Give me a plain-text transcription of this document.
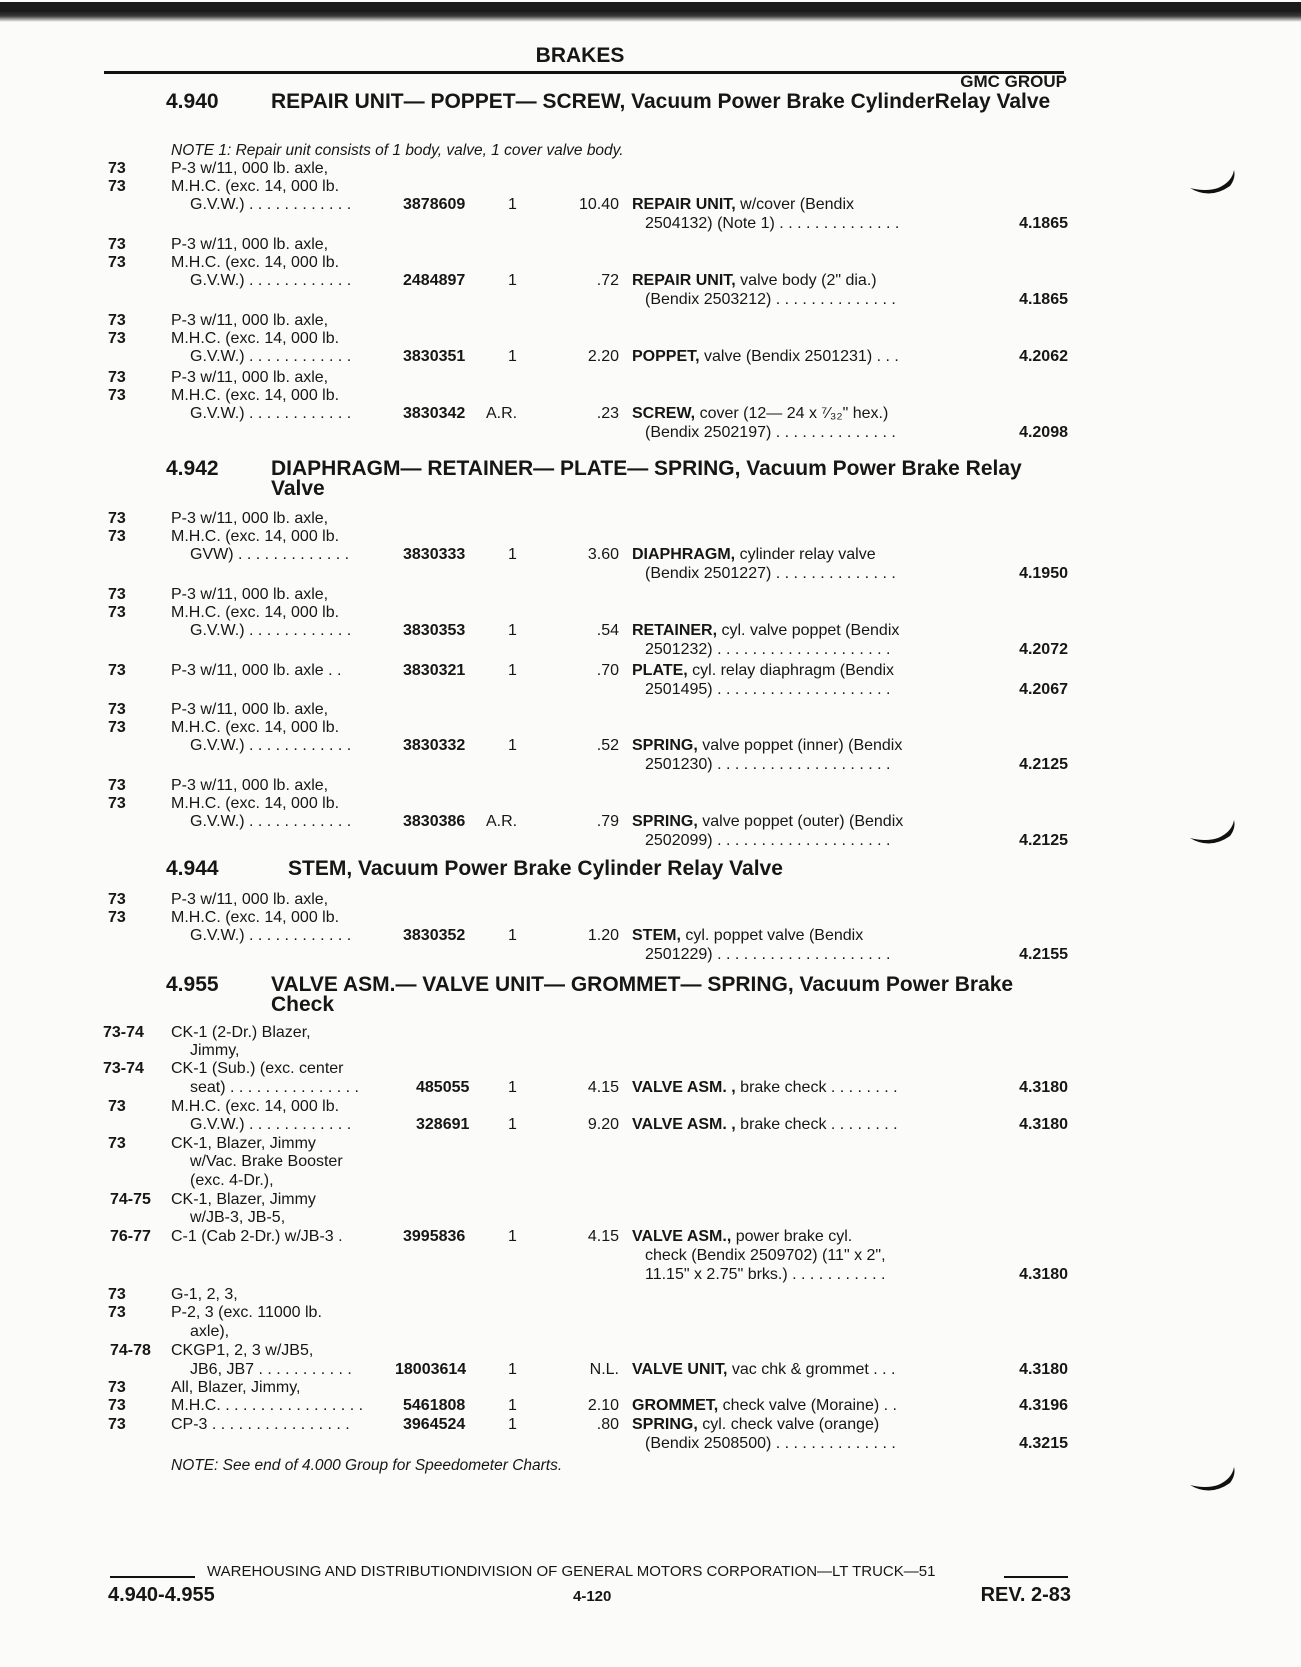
BRAKES
GMC GROUP
4.940 REPAIR UNIT— POPPET— SCREW, Vacuum Power Brake CylinderRelay Valve
NOTE 1: Repair unit consists of 1 body, valve, 1 cover valve body.
73	P-3 w/11, 000 lb. axle,
73	M.H.C. (exc. 14, 000 lb.
G.V.W.) . . . . . . . . . . . .	3878609	1	10.40 REPAIR UNIT, w/cover (Bendix
2504132) (Note 1) . . . . . . . . . . . . . .	4.1865
73	P-3 w/11, 000 lb. axle,
73	M.H.C. (exc. 14, 000 lb.
G.V.W.) . . . . . . . . . . . .	2484897	1	.72 REPAIR UNIT, valve body (2" dia.)
(Bendix 2503212) . . . . . . . . . . . . . .	4.1865
73	P-3 w/11, 000 lb. axle,
73	M.H.C. (exc. 14, 000 lb.
G.V.W.) . . . . . . . . . . . .	3830351	1	2.20 POPPET, valve (Bendix 2501231) . . .	4.2062
73	P-3 w/11, 000 lb. axle,
73	M.H.C. (exc. 14, 000 lb.
G.V.W.) . . . . . . . . . . . .	3830342 A.R.	.23 SCREW, cover (12— 24 x ⁷⁄₃₂" hex.)
(Bendix 2502197) . . . . . . . . . . . . . .	4.2098
4.942 DIAPHRAGM— RETAINER— PLATE— SPRING, Vacuum Power Brake Relay Valve
73	P-3 w/11, 000 lb. axle,
73	M.H.C. (exc. 14, 000 lb.
GVW) . . . . . . . . . . . . .	3830333	1	3.60 DIAPHRAGM, cylinder relay valve
(Bendix 2501227) . . . . . . . . . . . . . .	4.1950
73	P-3 w/11, 000 lb. axle,
73	M.H.C. (exc. 14, 000 lb.
G.V.W.) . . . . . . . . . . . .	3830353	1	.54 RETAINER, cyl. valve poppet (Bendix
2501232) . . . . . . . . . . . . . . . . . . . .	4.2072
73	P-3 w/11, 000 lb. axle . .	3830321	1	.70 PLATE, cyl. relay diaphragm (Bendix
2501495) . . . . . . . . . . . . . . . . . . . .	4.2067
73	P-3 w/11, 000 lb. axle,
73	M.H.C. (exc. 14, 000 lb.
G.V.W.) . . . . . . . . . . . .	3830332	1	.52 SPRING, valve poppet (inner) (Bendix
2501230) . . . . . . . . . . . . . . . . . . . .	4.2125
73	P-3 w/11, 000 lb. axle,
73	M.H.C. (exc. 14, 000 lb.
G.V.W.) . . . . . . . . . . . .	3830386 A.R.	.79 SPRING, valve poppet (outer) (Bendix
2502099) . . . . . . . . . . . . . . . . . . . .	4.2125
4.944	STEM, Vacuum Power Brake Cylinder Relay Valve
73	P-3 w/11, 000 lb. axle,
73	M.H.C. (exc. 14, 000 lb.
G.V.W.) . . . . . . . . . . . .	3830352	1	1.20 STEM, cyl. poppet valve (Bendix
2501229) . . . . . . . . . . . . . . . . . . . .	4.2155
4.955 VALVE ASM.— VALVE UNIT— GROMMET— SPRING, Vacuum Power Brake Check
73-74 CK-1 (2-Dr.) Blazer,
Jimmy,
73-74 CK-1 (Sub.) (exc. center
seat) . . . . . . . . . . . . . . .	485055 1	4.15 VALVE ASM. , brake check . . . . . . . .	4.3180
73	M.H.C. (exc. 14, 000 lb.
G.V.W.) . . . . . . . . . . . .	328691 1	9.20 VALVE ASM. , brake check . . . . . . . .	4.3180
73	CK-1, Blazer, Jimmy
w/Vac. Brake Booster
(exc. 4-Dr.),
74-75 CK-1, Blazer, Jimmy
w/JB-3, JB-5,
76-77 C-1 (Cab 2-Dr.) w/JB-3 .	3995836	1	4.15 VALVE ASM., power brake cyl.
check (Bendix 2509702) (11" x 2",
11.15" x 2.75" brks.) . . . . . . . . . . .	4.3180
73	G-1, 2, 3,
73	P-2, 3 (exc. 11000 lb.
axle),
74-78 CKGP1, 2, 3 w/JB5,
JB6, JB7 . . . . . . . . . . .	18003614	1	N.L. VALVE UNIT, vac chk & grommet . . .	4.3180
73	All, Blazer, Jimmy,
73	M.H.C. . . . . . . . . . . . . . . . . 5461808	1	2.10 GROMMET, check valve (Moraine) . .	4.3196
73	CP-3 . . . . . . . . . . . . . . . .	3964524	1	.80 SPRING, cyl. check valve (orange)
(Bendix 2508500) . . . . . . . . . . . . . .	4.3215
NOTE: See end of 4.000 Group for Speedometer Charts.
WAREHOUSING AND DISTRIBUTIONDIVISION OF GENERAL MOTORS CORPORATION—LT TRUCK—51
4.940-4.955	4-120	REV. 2-83
